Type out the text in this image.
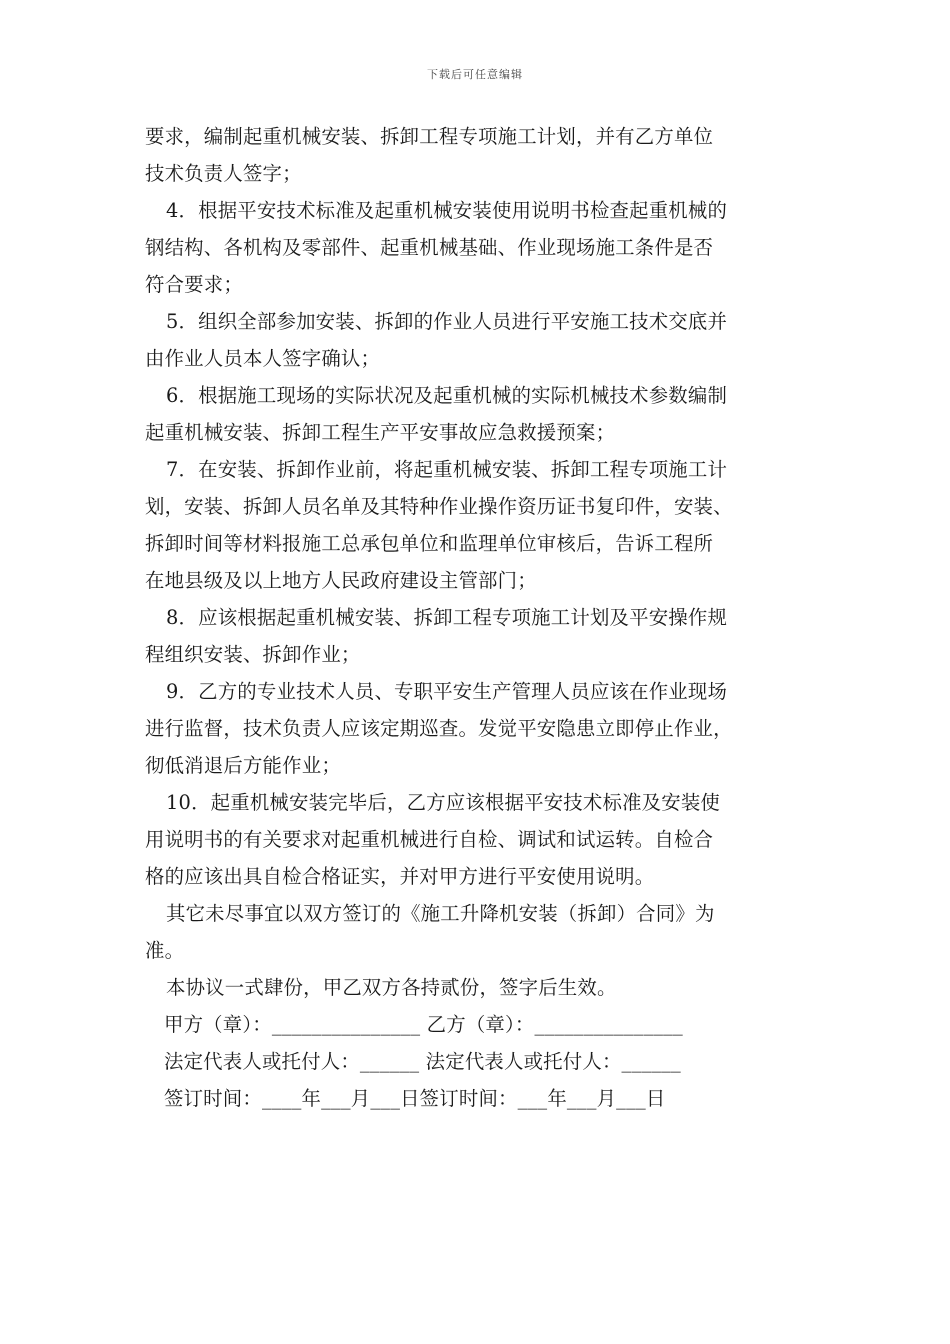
下载后可任意编辑
要求，编制起重机械安装、拆卸工程专项施工计划，并有乙方单位
技术负责人签字；
4．根据平安技术标准及起重机械安装使用说明书检查起重机械的
钢结构、各机构及零部件、起重机械基础、作业现场施工条件是否
符合要求；
5．组织全部参加安装、拆卸的作业人员进行平安施工技术交底并
由作业人员本人签字确认；
6．根据施工现场的实际状况及起重机械的实际机械技术参数编制
起重机械安装、拆卸工程生产平安事故应急救援预案；
7．在安装、拆卸作业前，将起重机械安装、拆卸工程专项施工计
划，安装、拆卸人员名单及其特种作业操作资历证书复印件，安装、
拆卸时间等材料报施工总承包单位和监理单位审核后，告诉工程所
在地县级及以上地方人民政府建设主管部门；
8．应该根据起重机械安装、拆卸工程专项施工计划及平安操作规
程组织安装、拆卸作业；
9．乙方的专业技术人员、专职平安生产管理人员应该在作业现场
进行监督，技术负责人应该定期巡查。发觉平安隐患立即停止作业，
彻低消退后方能作业；
10．起重机械安装完毕后，乙方应该根据平安技术标准及安装使
用说明书的有关要求对起重机械进行自检、调试和试运转。自检合
格的应该出具自检合格证实，并对甲方进行平安使用说明。
其它未尽事宜以双方签订的《施工升降机安装（拆卸）合同》为
准。
本协议一式肆份，甲乙双方各持贰份，签字后生效。
甲方（章）：_______________ 乙方（章）：_______________
法定代表人或托付人：______ 法定代表人或托付人：______
签订时间：____年___月___日签订时间：___年___月___日
